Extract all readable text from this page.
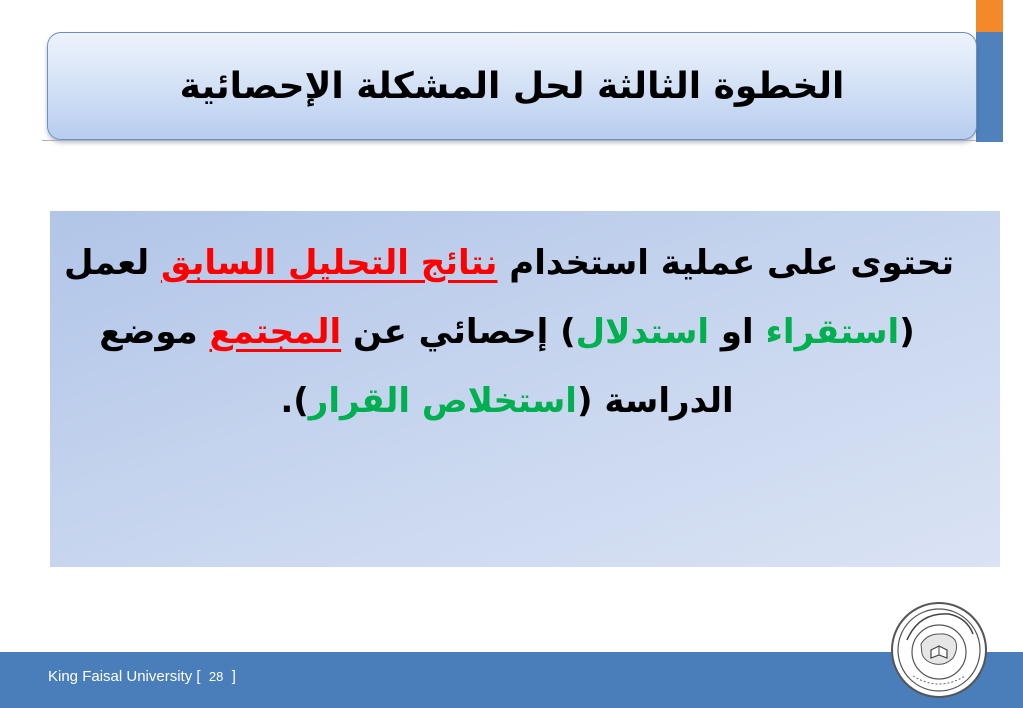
الخطوة الثالثة لحل المشكلة الإحصائية
تحتوى على عملية استخدام نتائج التحليل السابق لعمل
(استقراء او استدلال) إحصائي عن المجتمع موضع الدراسة (استخلاص القرار).
King Faisal University [ 28 ]
